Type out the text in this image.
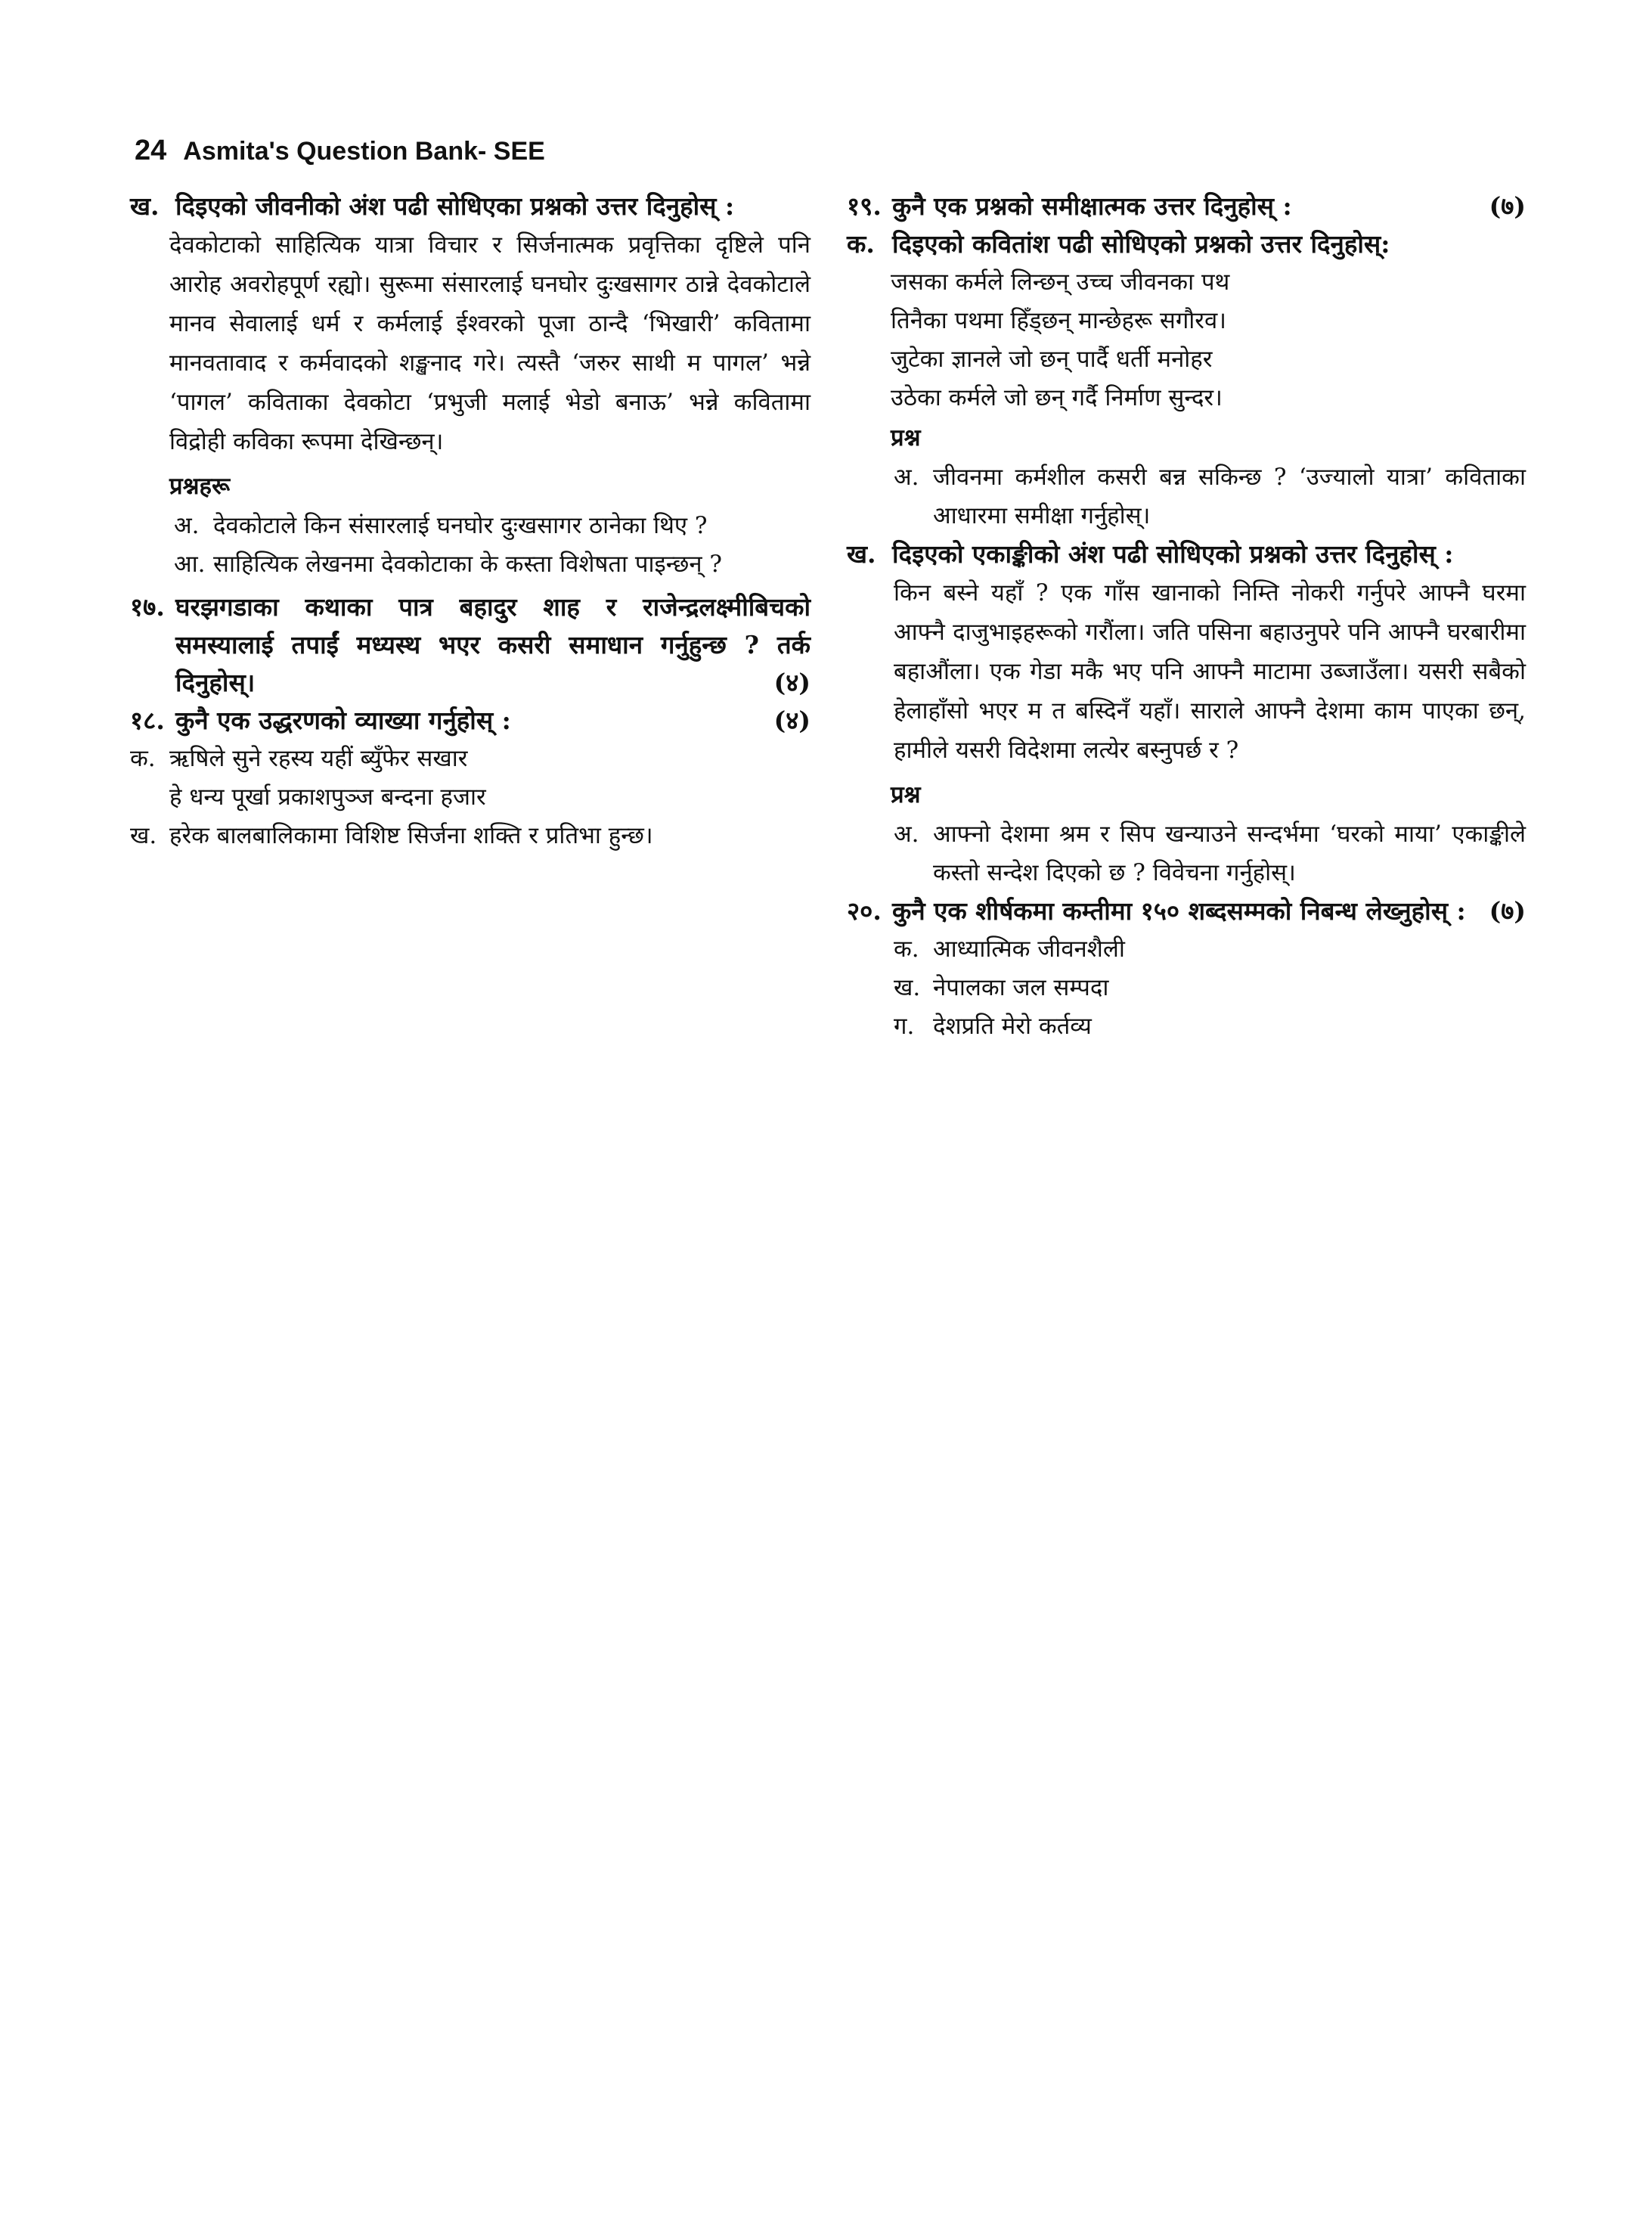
24 Asmita's Question Bank- SEE
ख. दिइएको जीवनीको अंश पढी सोधिएका प्रश्नको उत्तर दिनुहोस् :

देवकोटाको साहित्यिक यात्रा विचार र सिर्जनात्मक प्रवृत्तिका दृष्टिले पनि आरोह अवरोहपूर्ण रह्यो। सुरूमा संसारलाई घनघोर दुःखसागर ठान्ने देवकोटाले मानव सेवालाई धर्म र कर्मलाई ईश्वरको पूजा ठान्दै ‘भिखारी’ कवितामा मानवतावाद र कर्मवादको शङ्खनाद गरे। त्यस्तै ‘जरुर साथी म पागल’ भन्ने ‘पागल’ कविताका देवकोटा ‘प्रभुजी मलाई भेडो बनाऊ’ भन्ने कवितामा विद्रोही कविका रूपमा देखिन्छन्।

प्रश्नहरू
अ. देवकोटाले किन संसारलाई घनघोर दुःखसागर ठानेका थिए ?
आ. साहित्यिक लेखनमा देवकोटाका के कस्ता विशेषता पाइन्छन् ?
१७. घरझगडाका कथाका पात्र बहादुर शाह र राजेन्द्रलक्ष्मीबिचको समस्यालाई तपाईं मध्यस्थ भएर कसरी समाधान गर्नुहुन्छ ? तर्क दिनुहोस्।	(४)
१८. कुनै एक उद्धरणको व्याख्या गर्नुहोस् :	(४)
क. ऋषिले सुने रहस्य यहीं ब्युँफेर सखार
हे धन्य पूर्खा प्रकाशपुञ्ज बन्दना हजार
ख. हरेक बालबालिकामा विशिष्ट सिर्जना शक्ति र प्रतिभा हुन्छ।
१९. कुनै एक प्रश्नको समीक्षात्मक उत्तर दिनुहोस् :	(७)
क. दिइएको कवितांश पढी सोधिएको प्रश्नको उत्तर दिनुहोस्:
जसका कर्मले लिन्छन् उच्च जीवनका पथ
तिनैका पथमा हिँड्छन् मान्छेहरू सगौरव।
जुटेका ज्ञानले जो छन् पार्दै धर्ती मनोहर
उठेका कर्मले जो छन् गर्दै निर्माण सुन्दर।
प्रश्न
अ. जीवनमा कर्मशील कसरी बन्न सकिन्छ ? ‘उज्यालो यात्रा’ कविताका आधारमा समीक्षा गर्नुहोस्।
ख. दिइएको एकाङ्कीको अंश पढी सोधिएको प्रश्नको उत्तर दिनुहोस् :

किन बस्ने यहाँ ? एक गाँस खानाको निम्ति नोकरी गर्नुपरे आफ्नै घरमा आफ्नै दाजुभाइहरूको गरौंला। जति पसिना बहाउनुपरे पनि आफ्नै घरबारीमा बहाऔंला। एक गेडा मकै भए पनि आफ्नै माटामा उब्जाउँला। यसरी सबैको हेलाहाँसो भएर म त बस्दिनँ यहाँ। साराले आफ्नै देशमा काम पाएका छन्, हामीले यसरी विदेशमा लत्येर बस्नुपर्छ र ?

प्रश्न
अ. आफ्नो देशमा श्रम र सिप खन्याउने सन्दर्भमा ‘घरको माया’ एकाङ्कीले कस्तो सन्देश दिएको छ ? विवेचना गर्नुहोस्।
२०. कुनै एक शीर्षकमा कम्तीमा १५० शब्दसम्मको निबन्ध लेख्नुहोस् : (७)
क. आध्यात्मिक जीवनशैली
ख. नेपालका जल सम्पदा
ग. देशप्रति मेरो कर्तव्य
